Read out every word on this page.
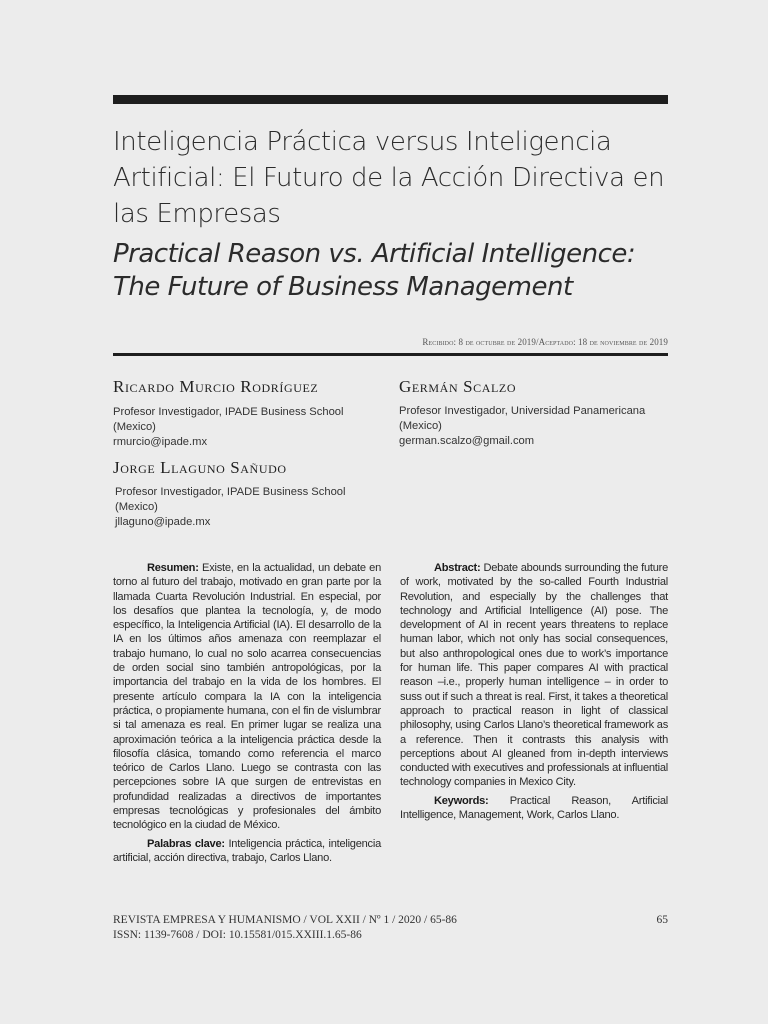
Inteligencia Práctica versus Inteligencia Artificial: El Futuro de la Acción Directiva en las Empresas
Practical Reason vs. Artificial Intelligence: The Future of Business Management
Recibido: 8 de octubre de 2019/Aceptado: 18 de noviembre de 2019
Ricardo Murcio Rodríguez
Profesor Investigador, IPADE Business School (Mexico)
rmurcio@ipade.mx
Germán Scalzo
Profesor Investigador, Universidad Panamericana (Mexico)
german.scalzo@gmail.com
Jorge Llaguno Sañudo
Profesor Investigador, IPADE Business School (Mexico)
jllaguno@ipade.mx

Resumen: Existe, en la actualidad, un debate en torno al futuro del trabajo, motivado en gran parte por la llamada Cuarta Revolución Industrial. En especial, por los desafíos que plantea la tecnología, y, de modo específico, la Inteligencia Artificial (IA). El desarrollo de la IA en los últimos años amenaza con reemplazar el trabajo humano, lo cual no solo acarrea consecuencias de orden social sino también antropológicas, por la importancia del trabajo en la vida de los hombres. El presente artículo compara la IA con la inteligencia práctica, o propiamente humana, con el fin de vislumbrar si tal amenaza es real. En primer lugar se realiza una aproximación teórica a la inteligencia práctica desde la filosofía clásica, tomando como referencia el marco teórico de Carlos Llano. Luego se contrasta con las percepciones sobre IA que surgen de entrevistas en profundidad realizadas a directivos de importantes empresas tecnológicas y profesionales del ámbito tecnológico en la ciudad de México.

Palabras clave: Inteligencia práctica, inteligencia artificial, acción directiva, trabajo, Carlos Llano.

Abstract: Debate abounds surrounding the future of work, motivated by the so-called Fourth Industrial Revolution, and especially by the challenges that technology and Artificial Intelligence (AI) pose. The development of AI in recent years threatens to replace human labor, which not only has social consequences, but also anthropological ones due to work’s importance for human life. This paper compares AI with practical reason –i.e., properly human intelligence – in order to suss out if such a threat is real. First, it takes a theoretical approach to practical reason in light of classical philosophy, using Carlos Llano’s theoretical framework as a reference. Then it contrasts this analysis with perceptions about AI gleaned from in-depth interviews conducted with executives and professionals at influential technology companies in Mexico City.

Keywords: Practical Reason, Artificial Intelligence, Management, Work, Carlos Llano.

REVISTA EMPRESA Y HUMANISMO / VOL XXII / Nº 1 / 2020 / 65-86
ISSN: 1139-7608 / DOI: 10.15581/015.XXIII.1.65-86
65
